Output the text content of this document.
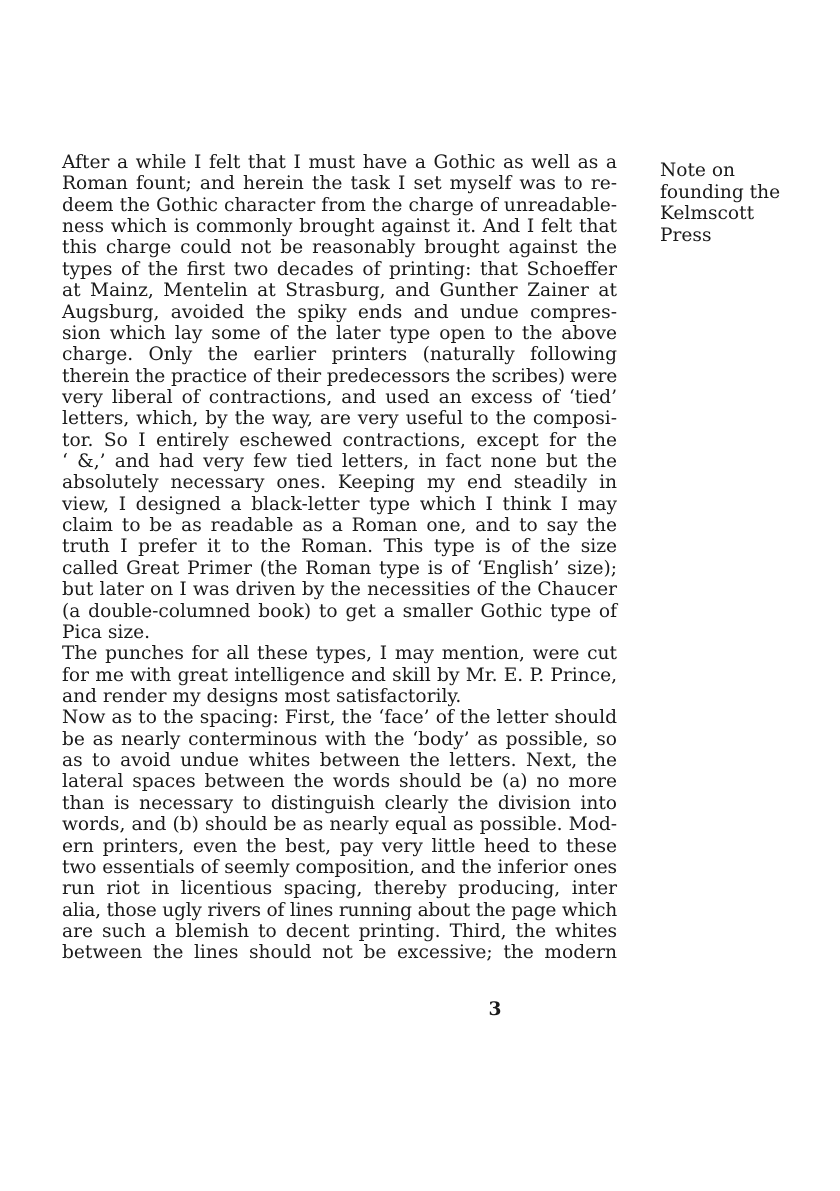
Note on
founding the
Kelmscott
Press
After a while I felt that I must have a Gothic as well as a
Roman fount; and herein the task I set myself was to re-
deem the Gothic character from the charge of unreadable-
ness which is commonly brought against it. And I felt that
this charge could not be reasonably brought against the
types of the first two decades of printing: that Schoeffer
at Mainz, Mentelin at Strasburg, and Gunther Zainer at
Augsburg, avoided the spiky ends and undue compres-
sion which lay some of the later type open to the above
charge. Only the earlier printers (naturally following
therein the practice of their predecessors the scribes) were
very liberal of contractions, and used an excess of ‘tied’
letters, which, by the way, are very useful to the composi-
tor. So I entirely eschewed contractions, except for the
‘ &,’ and had very few tied letters, in fact none but the
absolutely necessary ones. Keeping my end steadily in
view, I designed a black-letter type which I think I may
claim to be as readable as a Roman one, and to say the
truth I prefer it to the Roman. This type is of the size
called Great Primer (the Roman type is of ‘English’ size);
but later on I was driven by the necessities of the Chaucer
(a double-columned book) to get a smaller Gothic type of
Pica size.
The punches for all these types, I may mention, were cut
for me with great intelligence and skill by Mr. E. P. Prince,
and render my designs most satisfactorily.
Now as to the spacing: First, the ‘face’ of the letter should
be as nearly conterminous with the ‘body’ as possible, so
as to avoid undue whites between the letters. Next, the
lateral spaces between the words should be (a) no more
than is necessary to distinguish clearly the division into
words, and (b) should be as nearly equal as possible. Mod-
ern printers, even the best, pay very little heed to these
two essentials of seemly composition, and the inferior ones
run riot in licentious spacing, thereby producing, inter
alia, those ugly rivers of lines running about the page which
are such a blemish to decent printing. Third, the whites
between the lines should not be excessive; the modern
3
